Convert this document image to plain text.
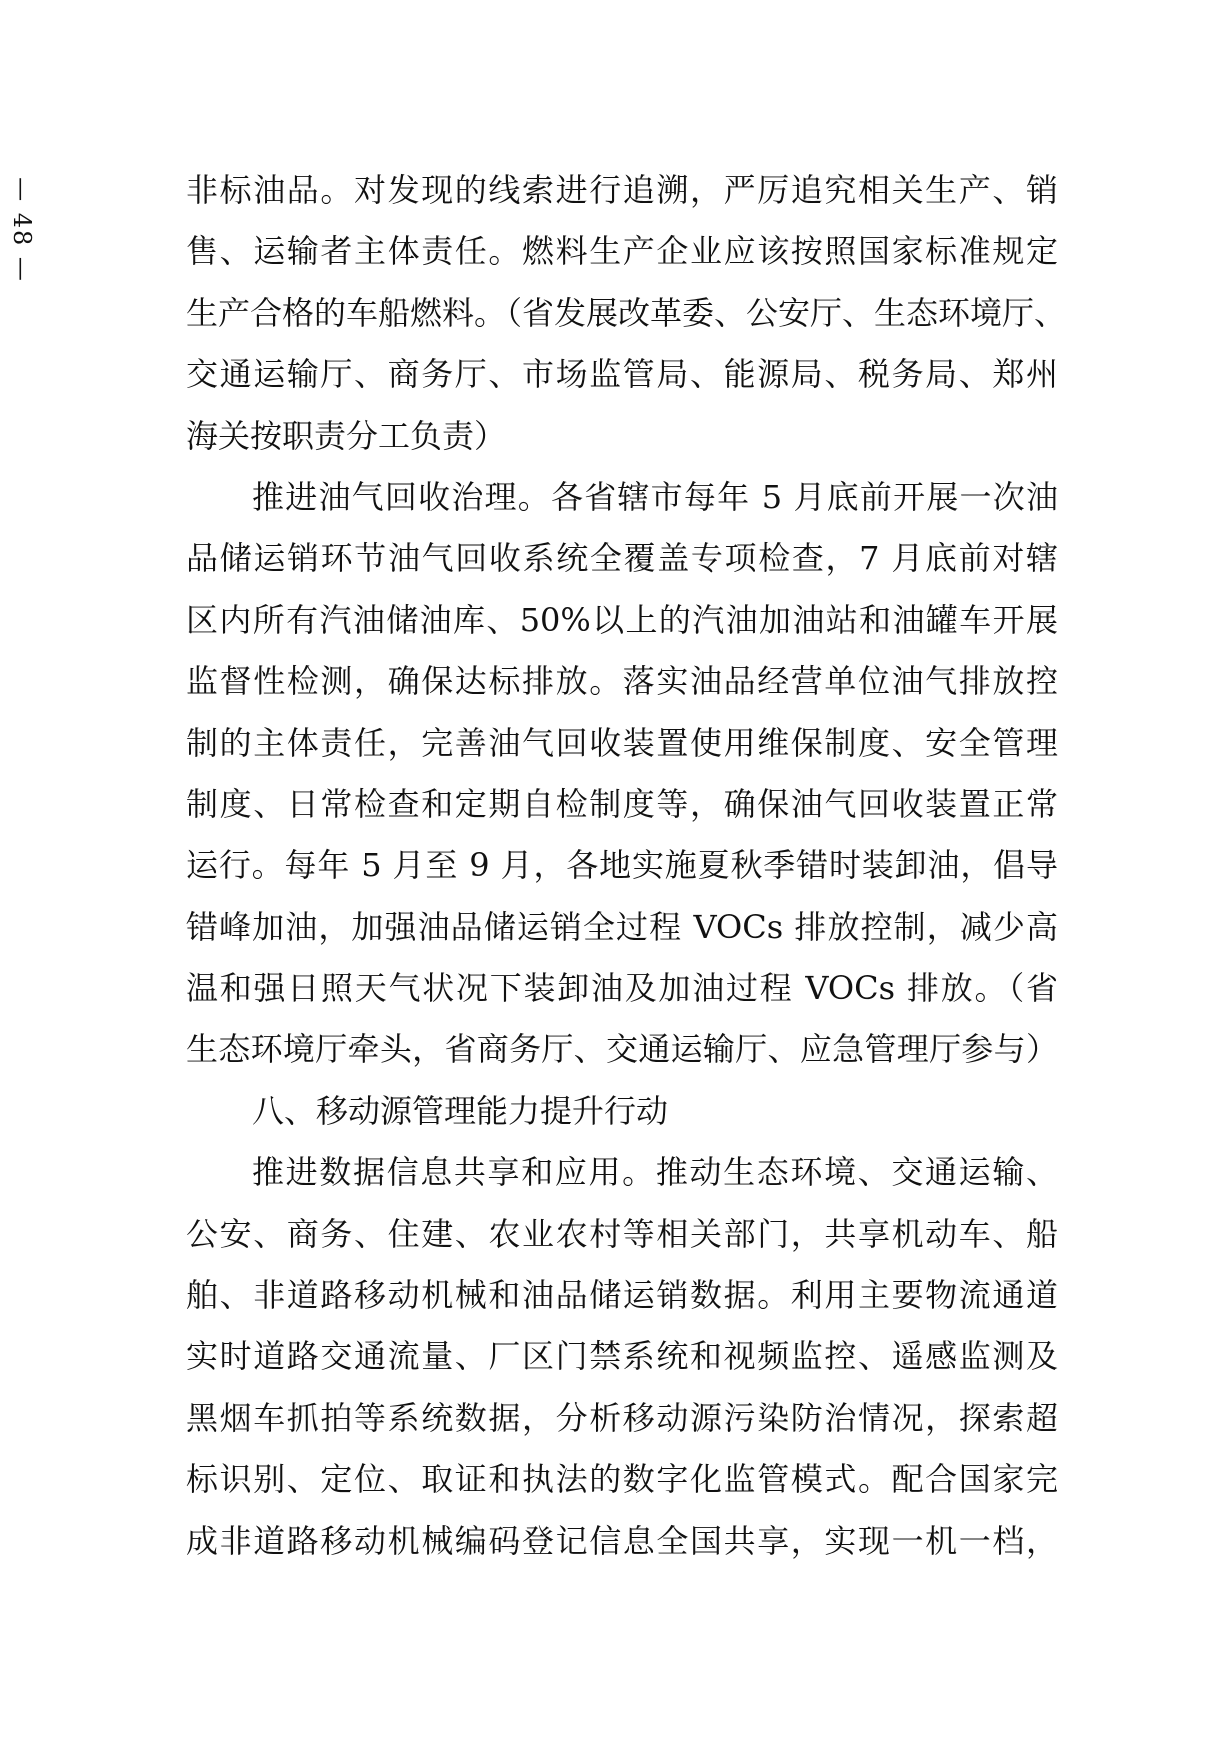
— 48 —	非标油品。对发现的线索进行追溯，严厉追究相关生产、销
售、运输者主体责任。燃料生产企业应该按照国家标准规定
生产合格的车船燃料。（省发展改革委、公安厅、生态环境厅、
交通运输厅、商务厅、市场监管局、能源局、税务局、郑州
海关按职责分工负责）
推进油气回收治理。各省辖市每年 5 月底前开展一次油
品储运销环节油气回收系统全覆盖专项检查，7 月底前对辖
区内所有汽油储油库、50%以上的汽油加油站和油罐车开展
监督性检测，确保达标排放。落实油品经营单位油气排放控
制的主体责任，完善油气回收装置使用维保制度、安全管理
制度、日常检查和定期自检制度等，确保油气回收装置正常
运行。每年 5 月至 9 月，各地实施夏秋季错时装卸油，倡导
错峰加油，加强油品储运销全过程 VOCs 排放控制，减少高
温和强日照天气状况下装卸油及加油过程 VOCs 排放。（省
生态环境厅牵头，省商务厅、交通运输厅、应急管理厅参与）
八、移动源管理能力提升行动
推进数据信息共享和应用。推动生态环境、交通运输、
公安、商务、住建、农业农村等相关部门，共享机动车、船
舶、非道路移动机械和油品储运销数据。利用主要物流通道
实时道路交通流量、厂区门禁系统和视频监控、遥感监测及
黑烟车抓拍等系统数据，分析移动源污染防治情况，探索超
标识别、定位、取证和执法的数字化监管模式。配合国家完
成非道路移动机械编码登记信息全国共享，实现一机一档，
